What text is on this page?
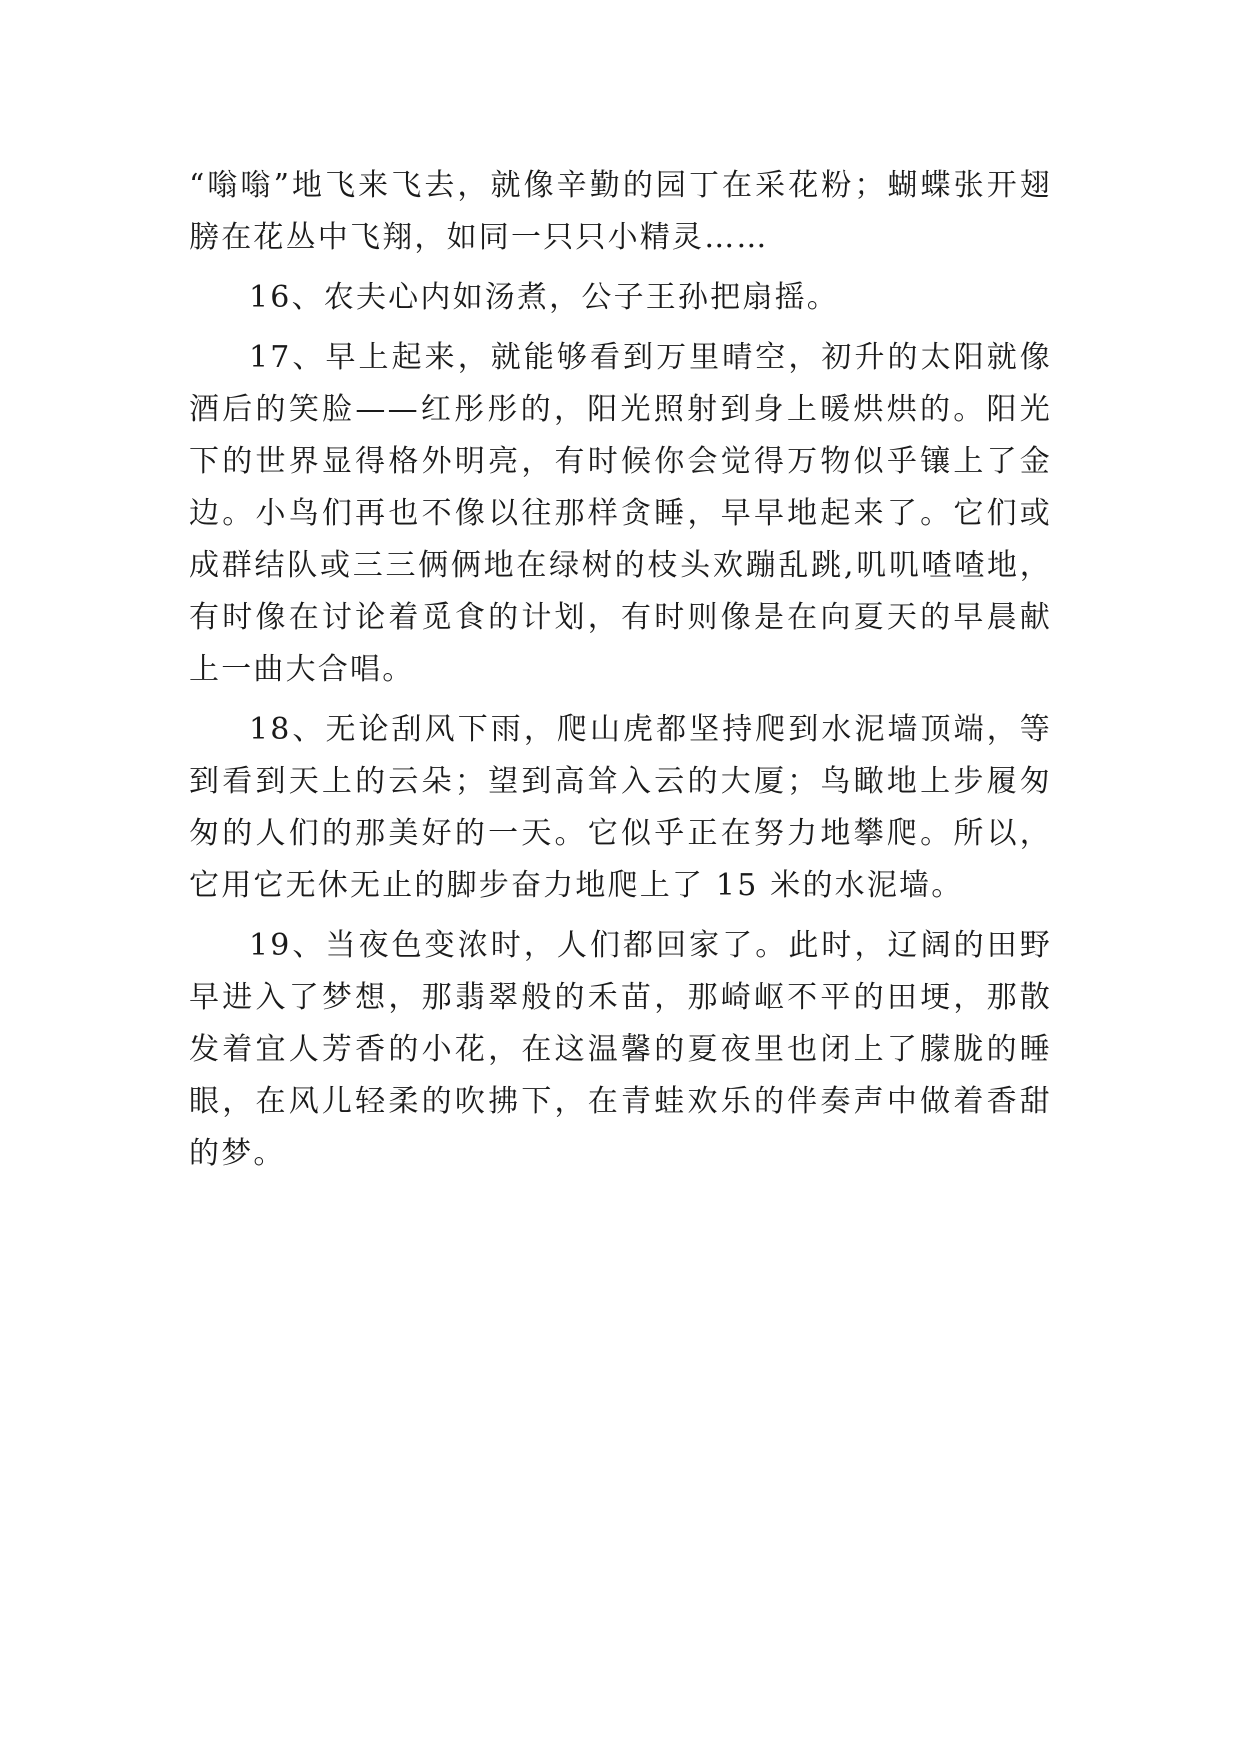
“嗡嗡”地飞来飞去，就像辛勤的园丁在采花粉；蝴蝶张开翅膀在花丛中飞翔，如同一只只小精灵……

16、农夫心内如汤煮，公子王孙把扇摇。

17、早上起来，就能够看到万里晴空，初升的太阳就像酒后的笑脸——红彤彤的，阳光照射到身上暖烘烘的。阳光下的世界显得格外明亮，有时候你会觉得万物似乎镶上了金边。小鸟们再也不像以往那样贪睡，早早地起来了。它们或成群结队或三三俩俩地在绿树的枝头欢蹦乱跳,叽叽喳喳地，有时像在讨论着觅食的计划，有时则像是在向夏天的早晨献上一曲大合唱。

18、无论刮风下雨，爬山虎都坚持爬到水泥墙顶端，等到看到天上的云朵；望到高耸入云的大厦；鸟瞰地上步履匆匆的人们的那美好的一天。它似乎正在努力地攀爬。所以，它用它无休无止的脚步奋力地爬上了 15 米的水泥墙。

19、当夜色变浓时，人们都回家了。此时，辽阔的田野早进入了梦想，那翡翠般的禾苗，那崎岖不平的田埂，那散发着宜人芳香的小花，在这温馨的夏夜里也闭上了朦胧的睡眼，在风儿轻柔的吹拂下，在青蛙欢乐的伴奏声中做着香甜的梦。
